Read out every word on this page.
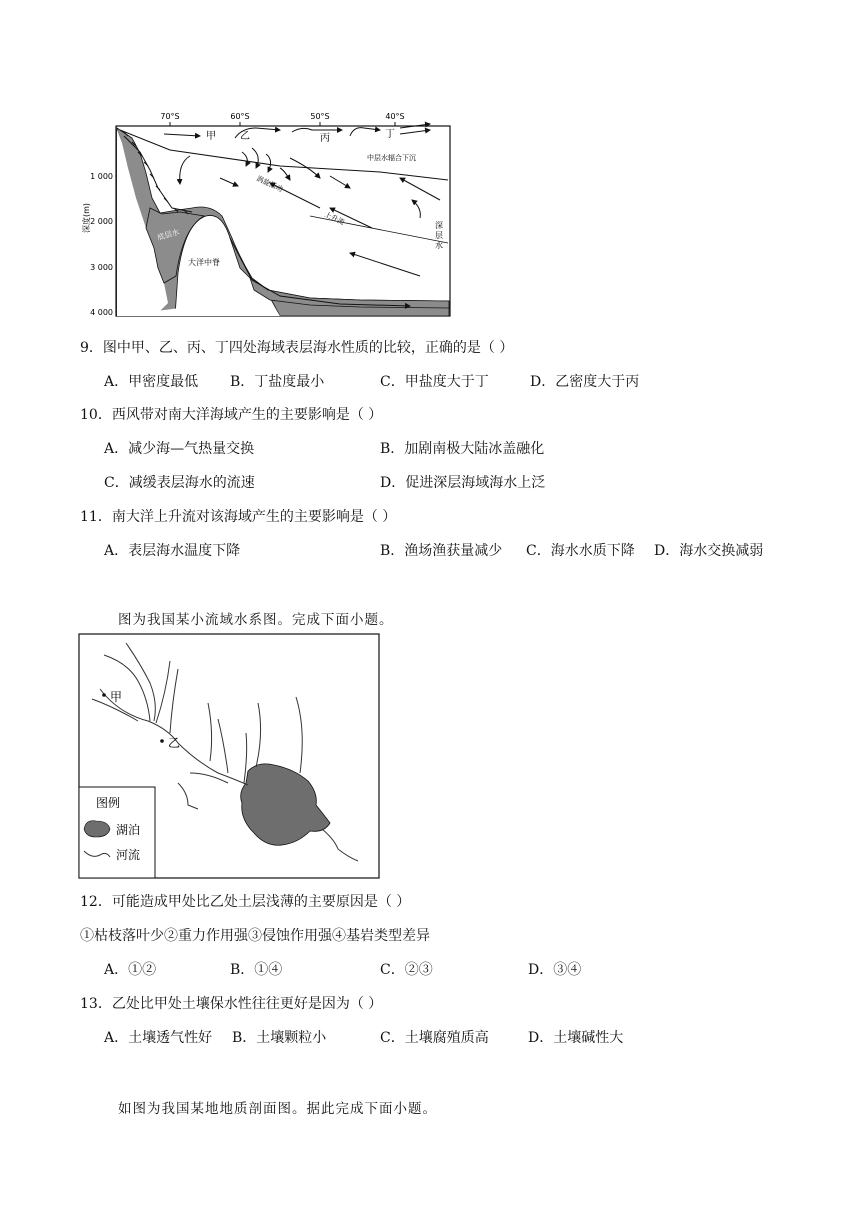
70°S	60°S	50°S	40°S
1 000
2 000
3 000
4 000
深度(m)
甲 乙	丙	丁
中层水辐合下沉
底层水
大洋中脊
涡旋活动
上升流	深层水
9．图中甲、乙、丙、丁四处海域表层海水性质的比较，正确的是（ ）
A．甲密度最低 B．丁盐度最小	C．甲盐度大于丁	D．乙密度大于丙
10．西风带对南大洋海域产生的主要影响是（ ）
A．减少海—气热量交换	B．加剧南极大陆冰盖融化
C．减缓表层海水的流速	D．促进深层海域海水上泛
11．南大洋上升流对该海域产生的主要影响是（ ）
A．表层海水温度下降	B．渔场渔获量减少 C．海水水质下降 D．海水交换减弱
图为我国某小流域水系图。完成下面小题。
甲
乙
图例
湖泊
河流
12．可能造成甲处比乙处土层浅薄的主要原因是（ ）
①枯枝落叶少②重力作用强③侵蚀作用强④基岩类型差异
A．①②	B．①④	C．②③	D．③④
13．乙处比甲处土壤保水性往往更好是因为（ ）
A．土壤透气性好 B．土壤颗粒小	C．土壤腐殖质高	D．土壤碱性大
如图为我国某地地质剖面图。据此完成下面小题。
